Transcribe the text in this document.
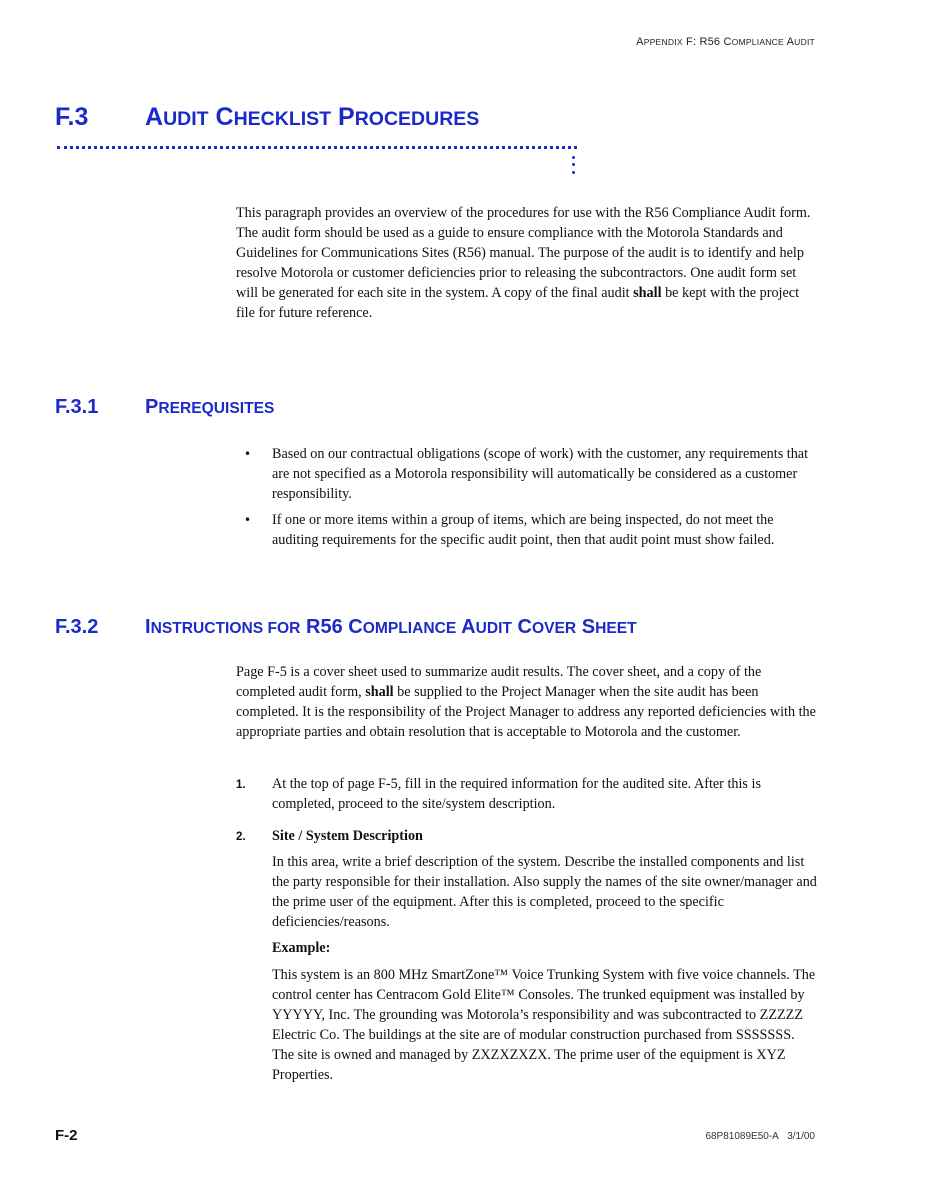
APPENDIX F: R56 COMPLIANCE AUDIT
F.3 AUDIT CHECKLIST PROCEDURES

This paragraph provides an overview of the procedures for use with the R56 Compliance Audit form. The audit form should be used as a guide to ensure compliance with the Motorola Standards and Guidelines for Communications Sites (R56) manual. The purpose of the audit is to identify and help resolve Motorola or customer deficiencies prior to releasing the subcontractors. One audit form set will be generated for each site in the system. A copy of the final audit shall be kept with the project file for future reference.

F.3.1 PREREQUISITES
• Based on our contractual obligations (scope of work) with the customer, any requirements that are not specified as a Motorola responsibility will automatically be considered as a customer responsibility.
• If one or more items within a group of items, which are being inspected, do not meet the auditing requirements for the specific audit point, then that audit point must show failed.
F.3.2 INSTRUCTIONS FOR R56 COMPLIANCE AUDIT COVER SHEET

Page F-5 is a cover sheet used to summarize audit results. The cover sheet, and a copy of the completed audit form, shall be supplied to the Project Manager when the site audit has been completed. It is the responsibility of the Project Manager to address any reported deficiencies with the appropriate parties and obtain resolution that is acceptable to Motorola and the customer.

1. At the top of page F-5, fill in the required information for the audited site. After this is completed, proceed to the site/system description.
2. Site / System Description

In this area, write a brief description of the system. Describe the installed components and list the party responsible for their installation. Also supply the names of the site owner/manager and the prime user of the equipment. After this is completed, proceed to the specific deficiencies/reasons.

Example:

This system is an 800 MHz SmartZone™ Voice Trunking System with five voice channels. The control center has Centracom Gold Elite™ Consoles. The trunked equipment was installed by YYYYY, Inc. The grounding was Motorola’s responsibility and was subcontracted to ZZZZZ Electric Co. The buildings at the site are of modular construction purchased from SSSSSSS. The site is owned and managed by ZXZXZXZX. The prime user of the equipment is XYZ Properties.

F-2	68P81089E50-A 3/1/00
